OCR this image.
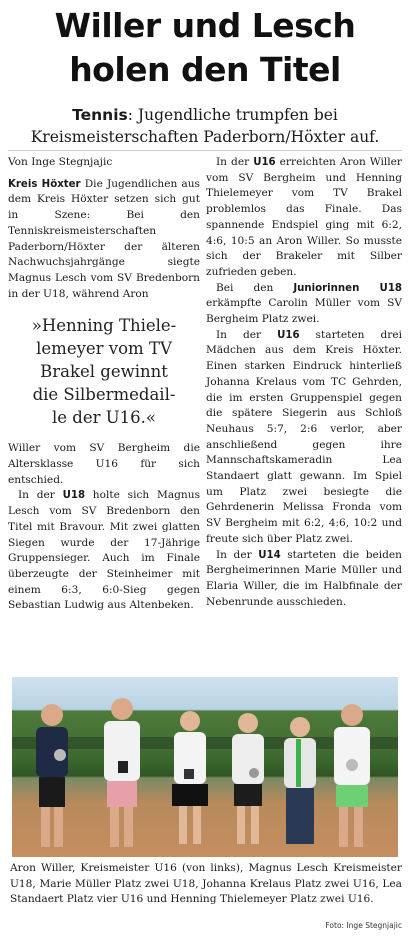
Willer und Lesch
holen den Titel
Tennis: Jugendliche trumpfen bei
Kreismeisterschaften Paderborn/Höxter auf.

Von Inge Stegnjajic

Kreis Höxter Die Jugendlichen aus dem Kreis Höxter setzen sich gut in Szene: Bei den Tenniskreismeisterschaften Paderborn/Höxter der älteren Nachwuchsjahrgänge siegte Magnus Lesch vom SV Bredenborn in der U18, während Aron

»Henning Thiele-
lemeyer vom TV
Brakel gewinnt
die Silbermedail-
le der U16.«

Willer vom SV Bergheim die Altersklasse U16 für sich entschied.

In der U18 holte sich Magnus Lesch vom SV Bredenborn den Titel mit Bravour. Mit zwei glatten Siegen wurde der 17-Jährige Gruppensieger. Auch im Finale überzeugte der Steinheimer mit einem 6:3, 6:0-Sieg gegen Sebastian Ludwig aus Altenbeken.

In der U16 erreichten Aron Willer vom SV Bergheim und Henning Thielemeyer vom TV Brakel problemlos das Finale. Das spannende Endspiel ging mit 6:2, 4:6, 10:5 an Aron Willer. So musste sich der Brakeler mit Silber zufrieden geben.

Bei den Juniorinnen U18 erkämpfte Carolin Müller vom SV Bergheim Platz zwei.

In der U16 starteten drei Mädchen aus dem Kreis Höxter. Einen starken Eindruck hinterließ Johanna Krelaus vom TC Gehrden, die im ersten Gruppenspiel gegen die spätere Siegerin aus Schloß Neuhaus 5:7, 2:6 verlor, aber anschließend gegen ihre Mannschaftskameradin Lea Standaert glatt gewann. Im Spiel um Platz zwei besiegte die Gehrdenerin Melissa Fronda vom SV Bergheim mit 6:2, 4:6, 10:2 und freute sich über Platz zwei.

In der U14 starteten die beiden Bergheimerinnen Marie Müller und Elaria Willer, die im Halbfinale der Nebenrunde ausschieden.

Aron Willer, Kreismeister U16 (von links), Magnus Lesch Kreismeister U18, Marie Müller Platz zwei U18, Johanna Krelaus Platz zwei U16, Lea Standaert Platz vier U16 und Henning Thielemeyer Platz zwei U16.
Foto: Inge Stegnjajic
